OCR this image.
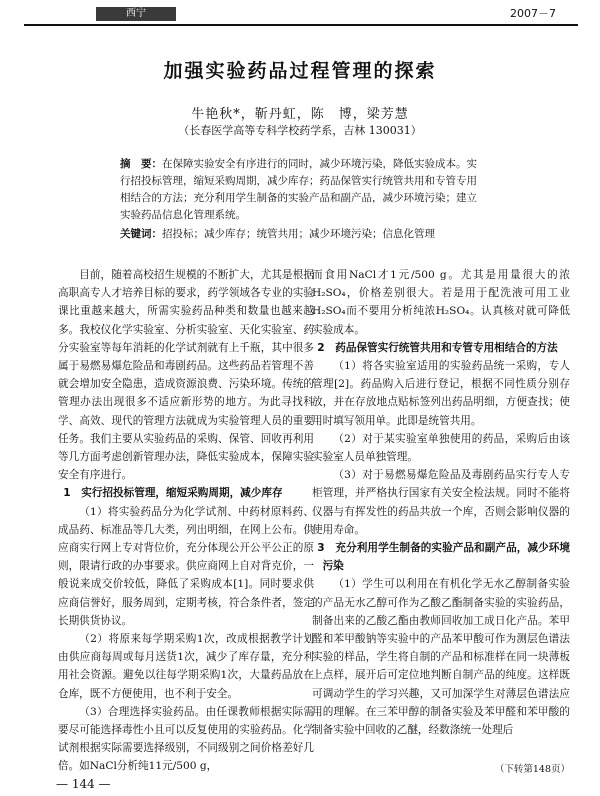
西宁	2007－7
加强实验药品过程管理的探索
牛艳秋*，靳丹虹，陈　博，梁芳慧
（长春医学高等专科学校药学系，吉林 130031）
摘　要：在保障实验安全有序进行的同时，减少环境污染，降低实验成本。实行招投标管理，缩短采购周期，减少库存；药品保管实行统管共用和专管专用相结合的方法；充分利用学生制备的实验产品和副产品，减少环境污染；建立实验药品信息化管理系统。
关键词：招投标；减少库存；统管共用；减少环境污染；信息化管理

目前，随着高校招生规模的不断扩大，尤其是根据高职高专人才培养目标的要求，药学领域各专业的实验课比重越来越大，所需实验药品种类和数量也越来越多。我校仪化学实验室、分析实验室、天化实验室、药分实验室等每年消耗的化学试剂就有上千瓶，其中很多属于易燃易爆危险品和毒剧药品。这些药品若管理不善就会增加安全隐患，造成资源浪费、污染环境。传统的管理办法出现很多不适应新形势的地方。为此寻找科学、高效、现代的管理方法就成为实验管理人员的重要任务。我们主要从实验药品的采购、保管、回收再利用等几方面考虑创新管理办法，降低实验成本，保障实验安全有序进行。

1　实行招投标管理，缩短采购周期，减少库存

（1）将实验药品分为化学试剂、中药材原料药、成品药、标准品等几大类，列出明细，在网上公布。供应商实行网上专对背位价，充分体现公开公平公正的原则，限请行政的办事要求。供应商网上自对背克价，一般说来成交价较低，降低了采购成本[1]。同时要求供应商信誉好，服务周到，定期考核，符合条件者，签定长期供货协议。

（2）将原来每学期采购1次，改成根据教学计划由供应商每周或每月送货1次，减少了库存量，充分利用社会资源。避免以往每学期采购1次，大量药品放在仓库，既不方便使用，也不利于安全。

（3）合理选择实验药品。由任课教师根据实际需要尽可能选择毒性小且可以反复使用的实验药品。化学试剂根据实际需要选择级别，不同级别之间价格差好几倍。如NaCl分析纯11元/500 g，

而食用NaCl才1元/500 g。尤其是用量很大的浓H₂SO₄，价格差别很大。若是用于配洗液可用工业H₂SO₄而不要用分析纯浓H₂SO₄。认真核对就可降低实验成本。

2　药品保管实行统管共用和专管专用相结合的方法

（1）将各实验室适用的实验药品统一采购，专人管理[2]。药品购入后进行登记，根据不同性质分别存放，并在存放地点贴标签列出药品明细，方便查找；使用时填写领用单。此即是统管共用。

（2）对于某实验室单独使用的药品，采购后由该实验室人员单独管理。

（3）对于易燃易爆危险品及毒剧药品实行专人专柜管理，并严格执行国家有关安全检法规。同时不能将仪器与有挥发性的药品共放一个库，否则会影响仪器的使用寿命。

3　充分利用学生制备的实验产品和副产品，减少环境污染

（1）学生可以利用在有机化学无水乙醇制备实验的产品无水乙醇可作为乙酸乙酯制备实验的实验药品，制备出来的乙酸乙酯由教师回收加工成日化产品。苯甲醛和苯甲酸钠等实验中的产品苯甲酸可作为测层色谱法实验的样品，学生将自制的产品和标准样在同一块薄板上点样，展开后可定位地判断自制产品的纯度。这样既可调动学生的学习兴趣，又可加深学生对薄层色谱法应用的理解。在三苯甲醇的制备实验及苯甲醛和苯甲酸的制备实验中回收的乙醚，经数涤统一处理后

— 144 —
（下转第148页）
